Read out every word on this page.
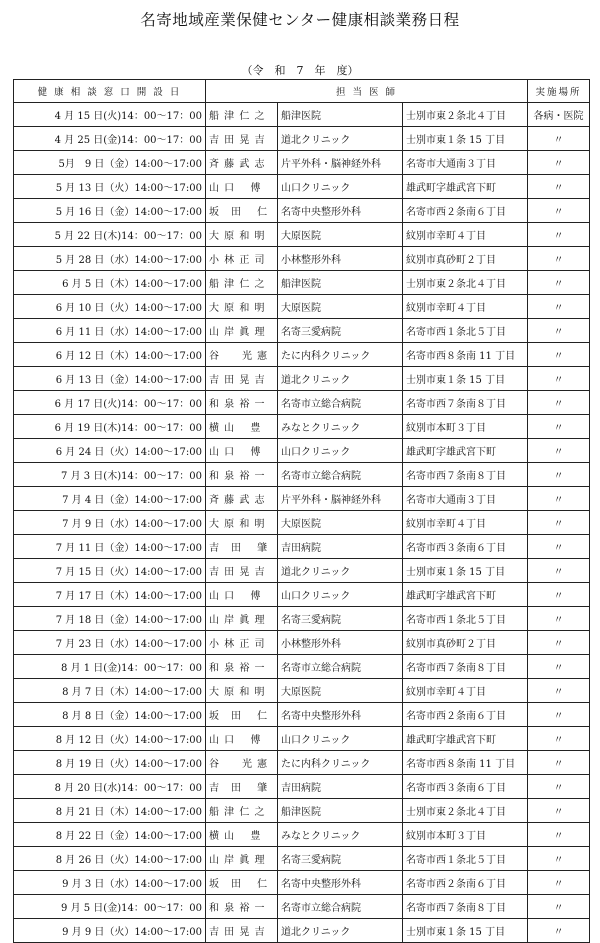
名寄地域産業保健センター健康相談業務日程
（令　和　7　年　度）
健 康 相 談 窓 口 開 設 日	担 当 医 師			実施場所
4 月 15 日(火)14：00～17：00	船 津 仁 之	船津医院	士別市東２条北４丁目	各病・医院
4 月 25 日(金)14：00～17：00	吉 田 晃 吉	道北クリニック	士別市東１条 15 丁目	〃
5月　9 日（金）14:00～17:00	斉 藤 武 志	片平外科・脳神経外科	名寄市大通南３丁目	〃
5 月 13 日（火）14:00～17:00	山 口　 傅	山口クリニック	雄武町字雄武宮下町	〃
5 月 16 日（金）14:00～17:00	坂　田　 仁	名寄中央整形外科	名寄市西２条南６丁目	〃
5 月 22 日(木)14：00～17：00	大 原 和 明	大原医院	紋別市幸町４丁目	〃
5 月 28 日（水）14:00～17:00	小 林 正 司	小林整形外科	紋別市真砂町２丁目	〃
6 月 5 日（木）14:00～17:00	船 津 仁 之	船津医院	士別市東２条北４丁目	〃
6 月 10 日（火）14:00～17:00	大 原 和 明	大原医院	紋別市幸町４丁目	〃
6 月 11 日（水）14:00～17:00	山 岸 眞 理	名寄三愛病院	名寄市西１条北５丁目	〃
6 月 12 日（木）14:00～17:00	谷　　光 憲	たに内科クリニック	名寄市西８条南 11 丁目	〃
6 月 13 日（金）14:00～17:00	吉 田 晃 吉	道北クリニック	士別市東１条 15 丁目	〃
6 月 17 日(火)14：00～17：00	和 泉 裕 一	名寄市立総合病院	名寄市西７条南８丁目	〃
6 月 19 日(木)14：00～17：00	横 山　 豊	みなとクリニック	紋別市本町３丁目	〃
6 月 24 日（火）14:00～17:00	山 口　 傅	山口クリニック	雄武町字雄武宮下町	〃
7 月 3 日(木)14：00～17：00	和 泉 裕 一	名寄市立総合病院	名寄市西７条南８丁目	〃
7 月 4 日（金）14:00～17:00	斉 藤 武 志	片平外科・脳神経外科	名寄市大通南３丁目	〃
7 月 9 日（水）14:00～17:00	大 原 和 明	大原医院	紋別市幸町４丁目	〃
7 月 11 日（金）14:00～17:00	吉　田　 肇	吉田病院	名寄市西３条南６丁目	〃
7 月 15 日（火）14:00～17:00	吉 田 晃 吉	道北クリニック	士別市東１条 15 丁目	〃
7 月 17 日（木）14:00～17:00	山 口　 傅	山口クリニック	雄武町字雄武宮下町	〃
7 月 18 日（金）14:00～17:00	山 岸 眞 理	名寄三愛病院	名寄市西１条北５丁目	〃
7 月 23 日（水）14:00～17:00	小 林 正 司	小林整形外科	紋別市真砂町２丁目	〃
8 月 1 日(金)14：00～17：00	和 泉 裕 一	名寄市立総合病院	名寄市西７条南８丁目	〃
8 月 7 日（木）14:00～17:00	大 原 和 明	大原医院	紋別市幸町４丁目	〃
8 月 8 日（金）14:00～17:00	坂　田　 仁	名寄中央整形外科	名寄市西２条南６丁目	〃
8 月 12 日（火）14:00～17:00	山 口　 傅	山口クリニック	雄武町字雄武宮下町	〃
8 月 19 日（火）14:00～17:00	谷　　光 憲	たに内科クリニック	名寄市西８条南 11 丁目	〃
8 月 20 日(水)14：00～17：00	吉　田　 肇	吉田病院	名寄市西３条南６丁目	〃
8 月 21 日（木）14:00～17:00	船 津 仁 之	船津医院	士別市東２条北４丁目	〃
8 月 22 日（金）14:00～17:00	横 山　 豊	みなとクリニック	紋別市本町３丁目	〃
8 月 26 日（火）14:00～17:00	山 岸 眞 理	名寄三愛病院	名寄市西１条北５丁目	〃
9 月 3 日（水）14:00～17:00	坂　田　 仁	名寄中央整形外科	名寄市西２条南６丁目	〃
9 月 5 日(金)14：00～17：00	和 泉 裕 一	名寄市立総合病院	名寄市西７条南８丁目	〃
9 月 9 日（火）14:00～17:00	吉 田 晃 吉	道北クリニック	士別市東１条 15 丁目	〃
